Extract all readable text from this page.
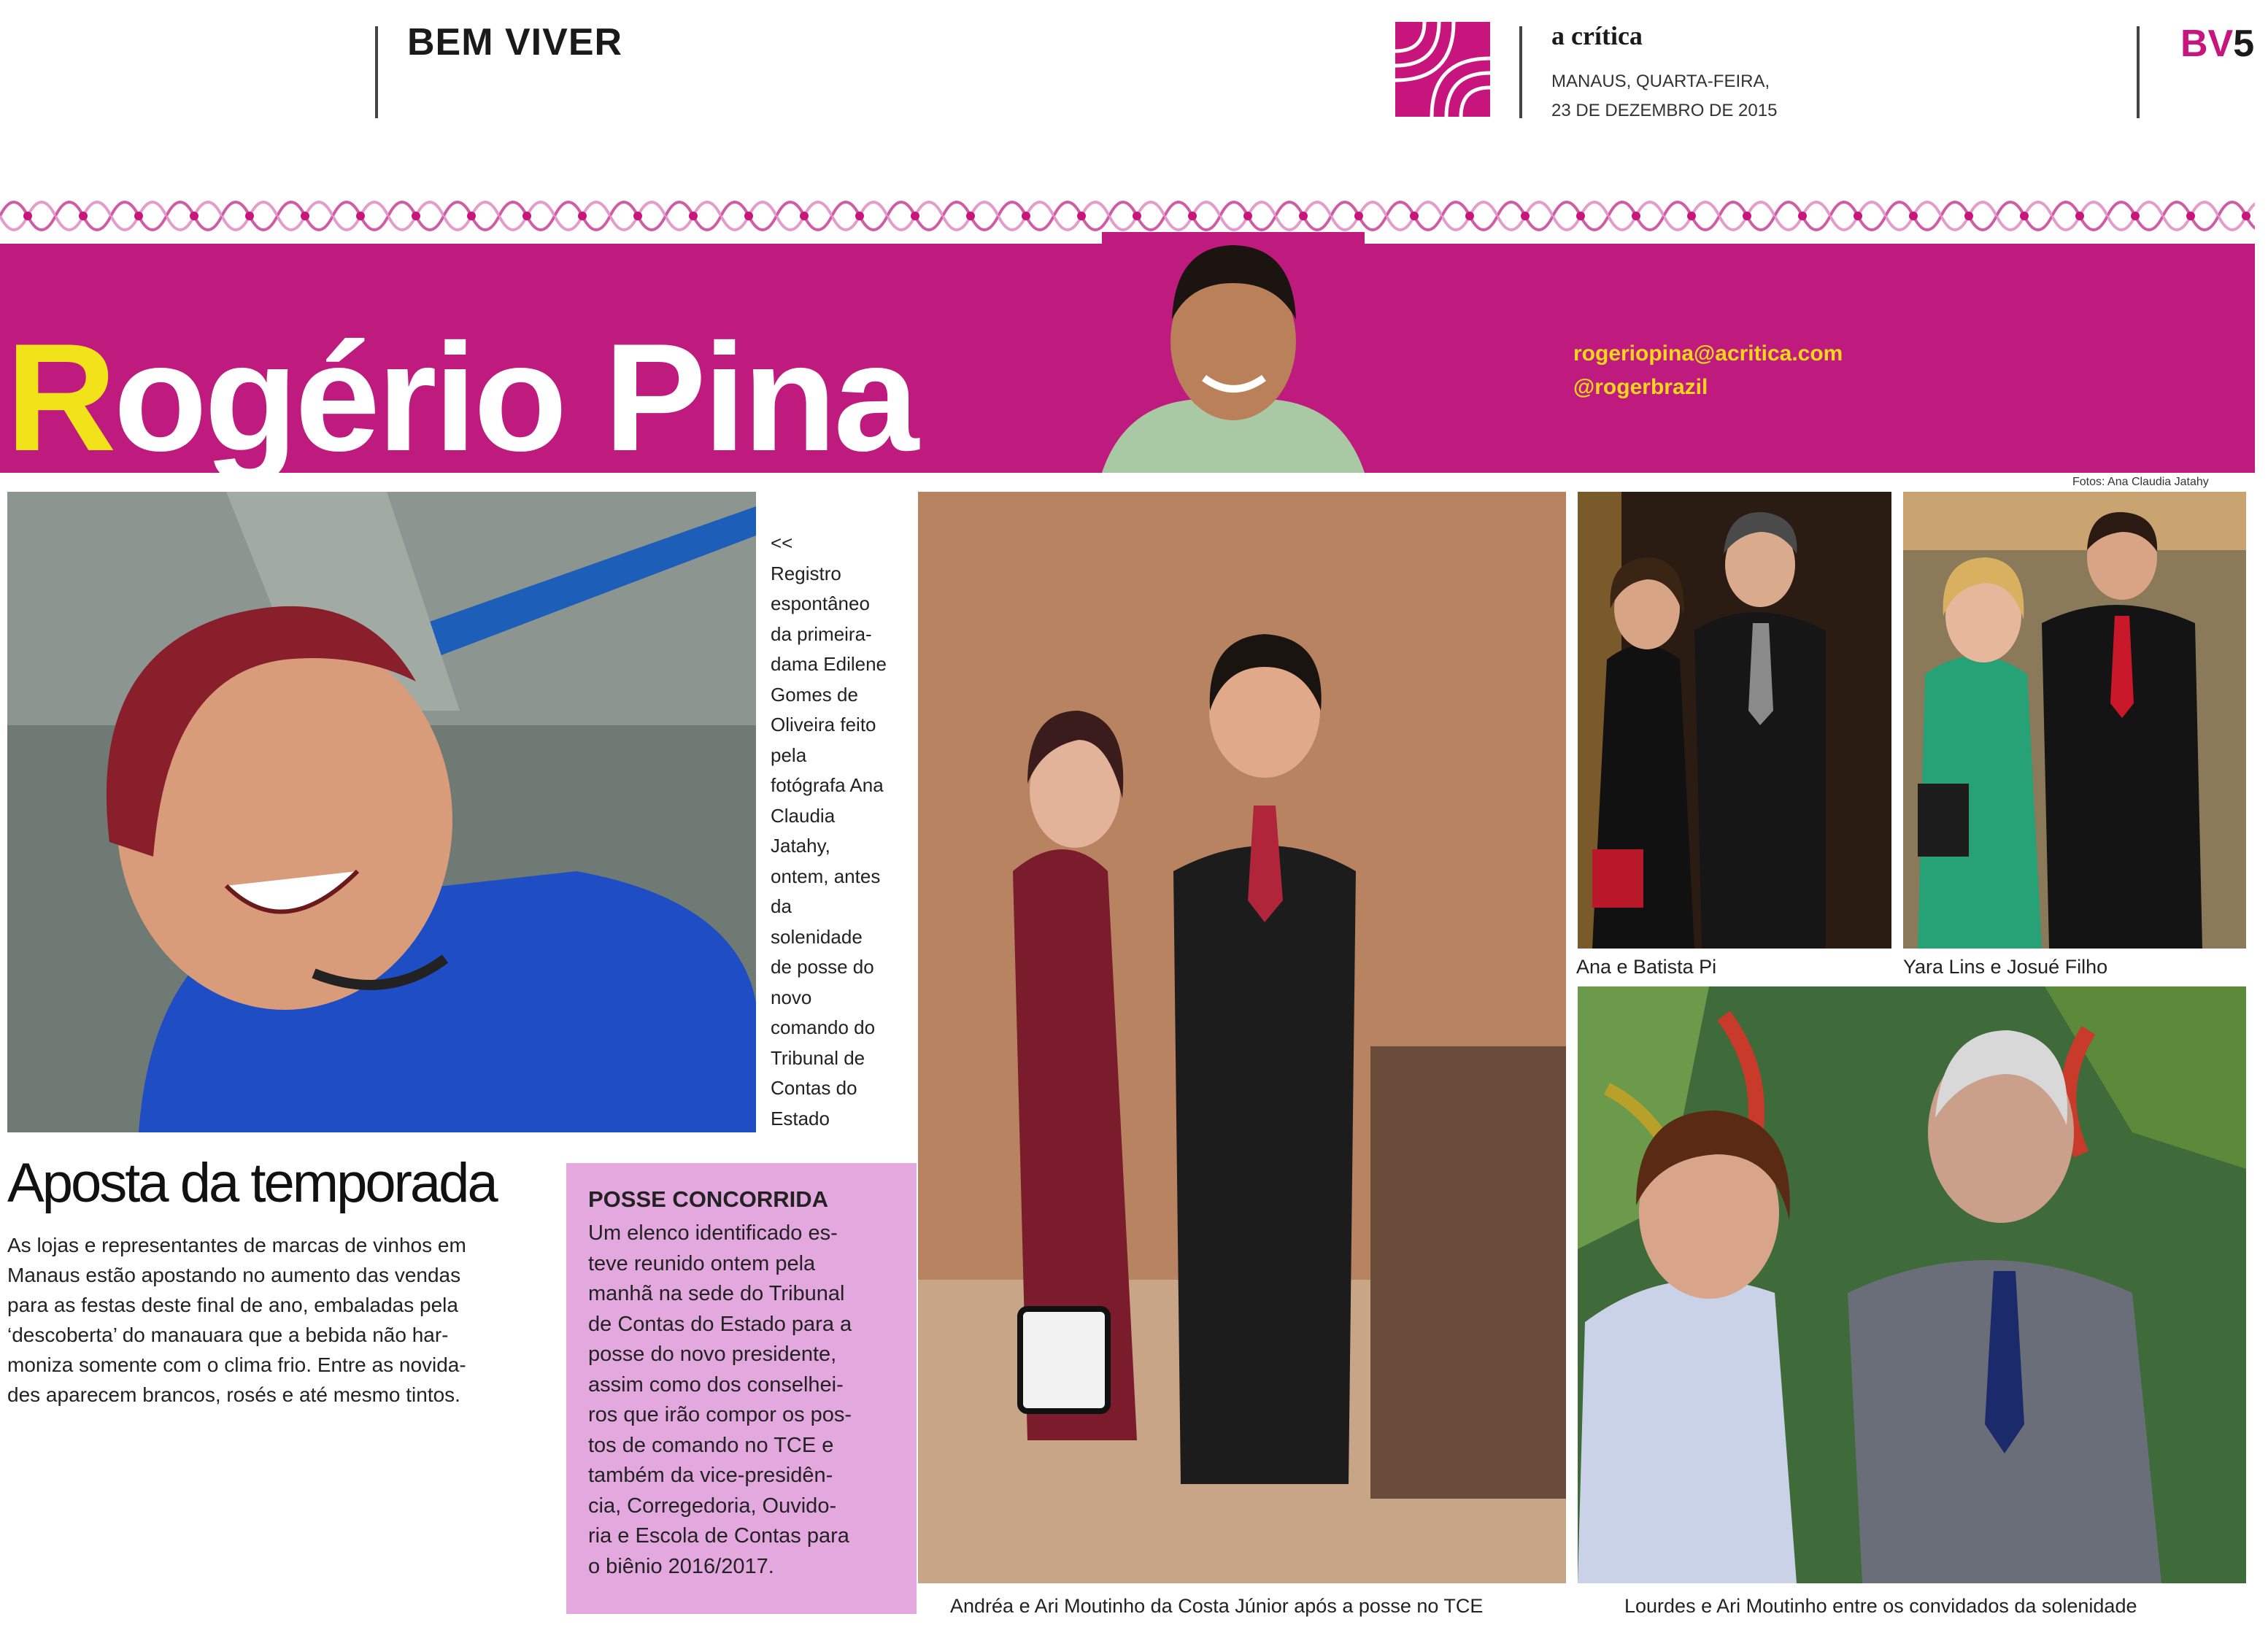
BEM VIVER	a crítica
MANAUS, QUARTA-FEIRA,
23 DE DEZEMBRO DE 2015
BV5
Rogério Pina	rogeriopina@acritica.com
@rogerbrazil
Fotos: Ana Claudia Jatahy
<<
Registro
espontâneo
da primeira-
dama Edilene
Gomes de
Oliveira feito
pela
fotógrafa Ana
Claudia
Jatahy,
ontem, antes
da
solenidade
de posse do
novo
comando do
Tribunal de
Contas do
Estado
Aposta da temporada
As lojas e representantes de marcas de vinhos em
Manaus estão apostando no aumento das vendas
para as festas deste final de ano, embaladas pela
‘descoberta’ do manauara que a bebida não har-
moniza somente com o clima frio. Entre as novida-
des aparecem brancos, rosés e até mesmo tintos.
POSSE CONCORRIDA
Um elenco identificado es-
teve reunido ontem pela
manhã na sede do Tribunal
de Contas do Estado para a
posse do novo presidente,
assim como dos conselhei-
ros que irão compor os pos-
tos de comando no TCE e
também da vice-presidên-
cia, Corregedoria, Ouvido-
ria e Escola de Contas para
o biênio 2016/2017.
Andréa e Ari Moutinho da Costa Júnior após a posse no TCE
Ana e Batista Pi	Yara Lins e Josué Filho
Lourdes e Ari Moutinho entre os convidados da solenidade
